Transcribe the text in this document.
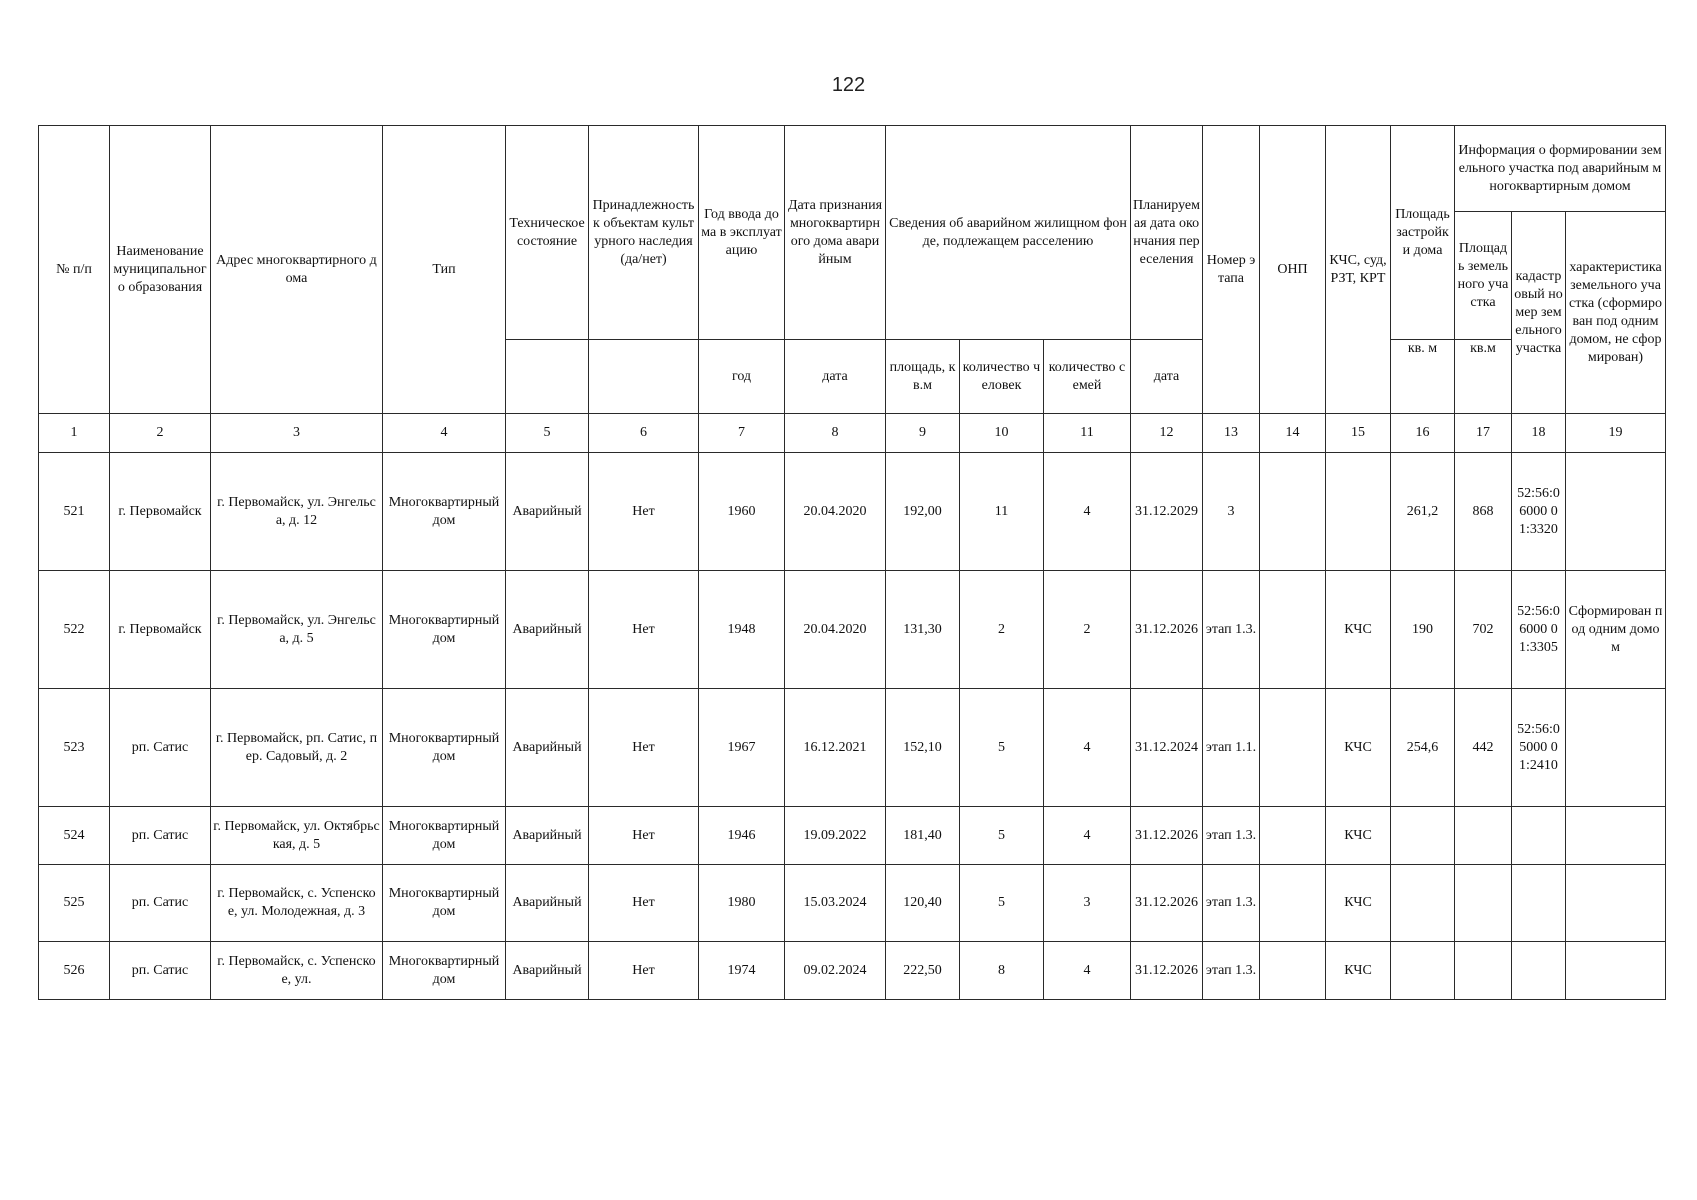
122
№ п/п	Наименование муниципального образования	Адрес многоквартирного дома	Тип	Техническое состояние	Принадлежность к объектам культурного наследия (да/нет)	Год ввода дома в эксплуатацию	Дата признания многоквартирного дома аварийным	Сведения об аварийном жилищном фонде, подлежащем расселению			Планируемая дата окончания переселения	Номер этапа	ОНП	КЧС, суд, РЗТ, КРТ	Площадь застройки дома	Информация о формировании земельного участка под аварийным многоквартирным домом		
																Площадь земельного участка	кадастровый номер земельного участка	характеристика земельного участка (сформирован под одним домом, не сформирован)
						год	дата	площадь, кв.м	количество человек	количество семей	дата				кв. м	кв.м		
1	2	3	4	5	6	7	8	9	10	11	12	13	14	15	16	17	18	19
521	г. Первомайск	г. Первомайск, ул. Энгельса, д. 12	Многоквартирный дом	Аварийный	Нет	1960	20.04.2020	192,00	11	4	31.12.2029	3			261,2	868	52:56:06000 01:3320	
522	г. Первомайск	г. Первомайск, ул. Энгельса, д. 5	Многоквартирный дом	Аварийный	Нет	1948	20.04.2020	131,30	2	2	31.12.2026	этап 1.3.		КЧС	190	702	52:56:06000 01:3305	Сформирован под одним домом
523	рп. Сатис	г. Первомайск, рп. Сатис, пер. Садовый, д. 2	Многоквартирный дом	Аварийный	Нет	1967	16.12.2021	152,10	5	4	31.12.2024	этап 1.1.		КЧС	254,6	442	52:56:05000 01:2410	
524	рп. Сатис	г. Первомайск, ул. Октябрьская, д. 5	Многоквартирный дом	Аварийный	Нет	1946	19.09.2022	181,40	5	4	31.12.2026	этап 1.3.		КЧС				
525	рп. Сатис	г. Первомайск, с. Успенское, ул. Молодежная, д. 3	Многоквартирный дом	Аварийный	Нет	1980	15.03.2024	120,40	5	3	31.12.2026	этап 1.3.		КЧС				
526	рп. Сатис	г. Первомайск, с. Успенское, ул.	Многоквартирный дом	Аварийный	Нет	1974	09.02.2024	222,50	8	4	31.12.2026	этап 1.3.		КЧС				
